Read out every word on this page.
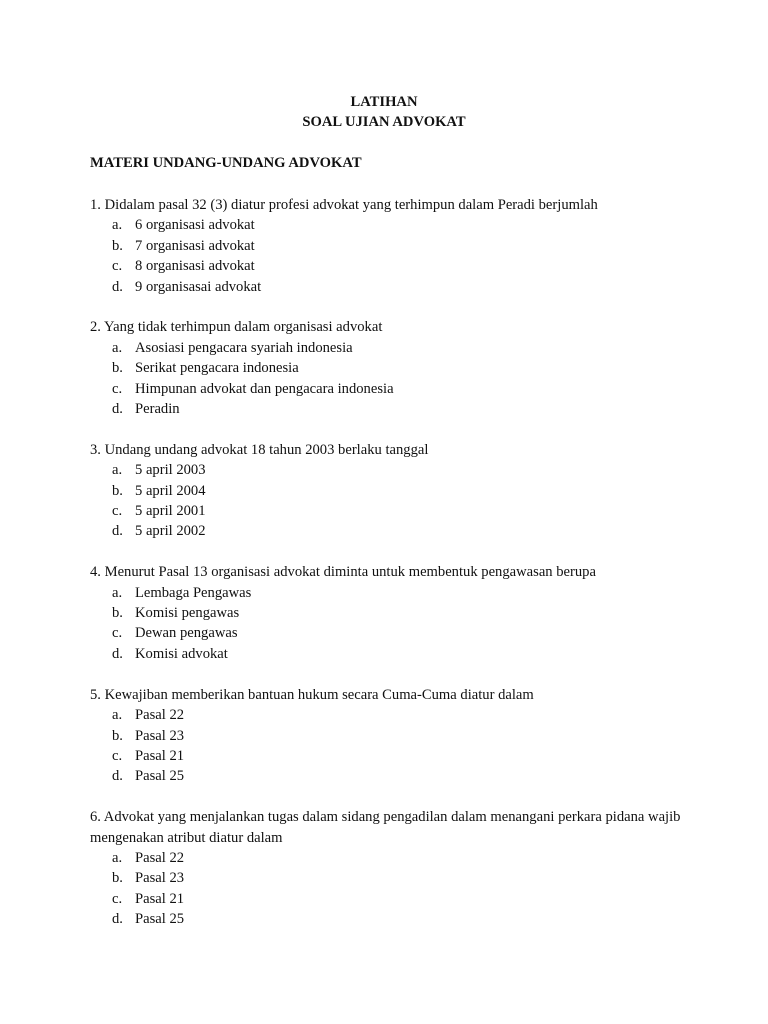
LATIHAN
SOAL UJIAN ADVOKAT
MATERI UNDANG-UNDANG ADVOKAT
1. Didalam pasal 32 (3) diatur profesi advokat yang terhimpun dalam Peradi berjumlah
a. 6 organisasi advokat
b. 7 organisasi advokat
c. 8 organisasi advokat
d. 9 organisasai advokat
2. Yang tidak terhimpun dalam organisasi advokat
a. Asosiasi pengacara syariah indonesia
b. Serikat pengacara indonesia
c. Himpunan advokat dan pengacara indonesia
d. Peradin
3. Undang undang advokat 18 tahun 2003 berlaku tanggal
a. 5 april 2003
b. 5 april 2004
c. 5 april 2001
d. 5 april 2002
4. Menurut Pasal 13 organisasi advokat diminta untuk membentuk pengawasan berupa
a. Lembaga Pengawas
b. Komisi pengawas
c. Dewan pengawas
d. Komisi advokat
5. Kewajiban memberikan bantuan hukum secara Cuma-Cuma diatur dalam
a. Pasal 22
b. Pasal 23
c. Pasal 21
d. Pasal 25
6. Advokat yang menjalankan tugas dalam sidang pengadilan dalam menangani perkara pidana wajib mengenakan atribut diatur dalam
a. Pasal 22
b. Pasal 23
c. Pasal 21
d. Pasal 25
